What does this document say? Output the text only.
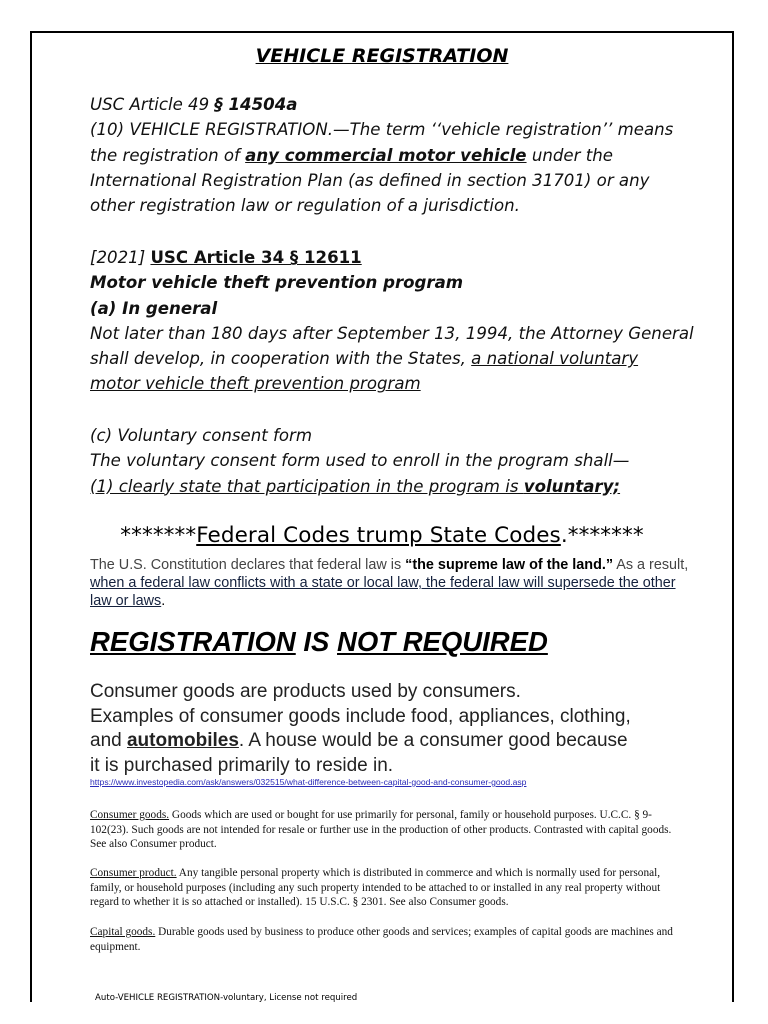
VEHICLE REGISTRATION
USC Article 49 § 14504a
(10) VEHICLE REGISTRATION.—The term ‘‘vehicle registration’’ means
the registration of any commercial motor vehicle under the
International Registration Plan (as defined in section 31701) or any
other registration law or regulation of a jurisdiction.
[2021] USC Article 34 § 12611
Motor vehicle theft prevention program
(a) In general
Not later than 180 days after September 13, 1994, the Attorney General
shall develop, in cooperation with the States, a national voluntary
motor vehicle theft prevention program
(c) Voluntary consent form
The voluntary consent form used to enroll in the program shall—
(1) clearly state that participation in the program is voluntary;
*******Federal Codes trump State Codes.*******
The U.S. Constitution declares that federal law is “the supreme law of the land.” As a result, when a federal law conflicts with a state or local law, the federal law will supersede the other law or laws.
REGISTRATION IS NOT REQUIRED
Consumer goods are products used by consumers.
Examples of consumer goods include food, appliances, clothing,
and automobiles. A house would be a consumer good because
it is purchased primarily to reside in.
https://www.investopedia.com/ask/answers/032515/what-difference-between-capital-good-and-consumer-good.asp
Consumer goods. Goods which are used or bought for use primarily for personal, family or household purposes. U.C.C. § 9-102(23). Such goods are not intended for resale or further use in the production of other products. Contrasted with capital goods. See also Consumer product.
Consumer product. Any tangible personal property which is distributed in commerce and which is normally used for personal, family, or household purposes (including any such property intended to be attached to or installed in any real property without regard to whether it is so attached or installed). 15 U.S.C. § 2301. See also Consumer goods.
Capital goods. Durable goods used by business to produce other goods and services; examples of capital goods are machines and equipment.
Auto-VEHICLE REGISTRATION-voluntary, License not required
